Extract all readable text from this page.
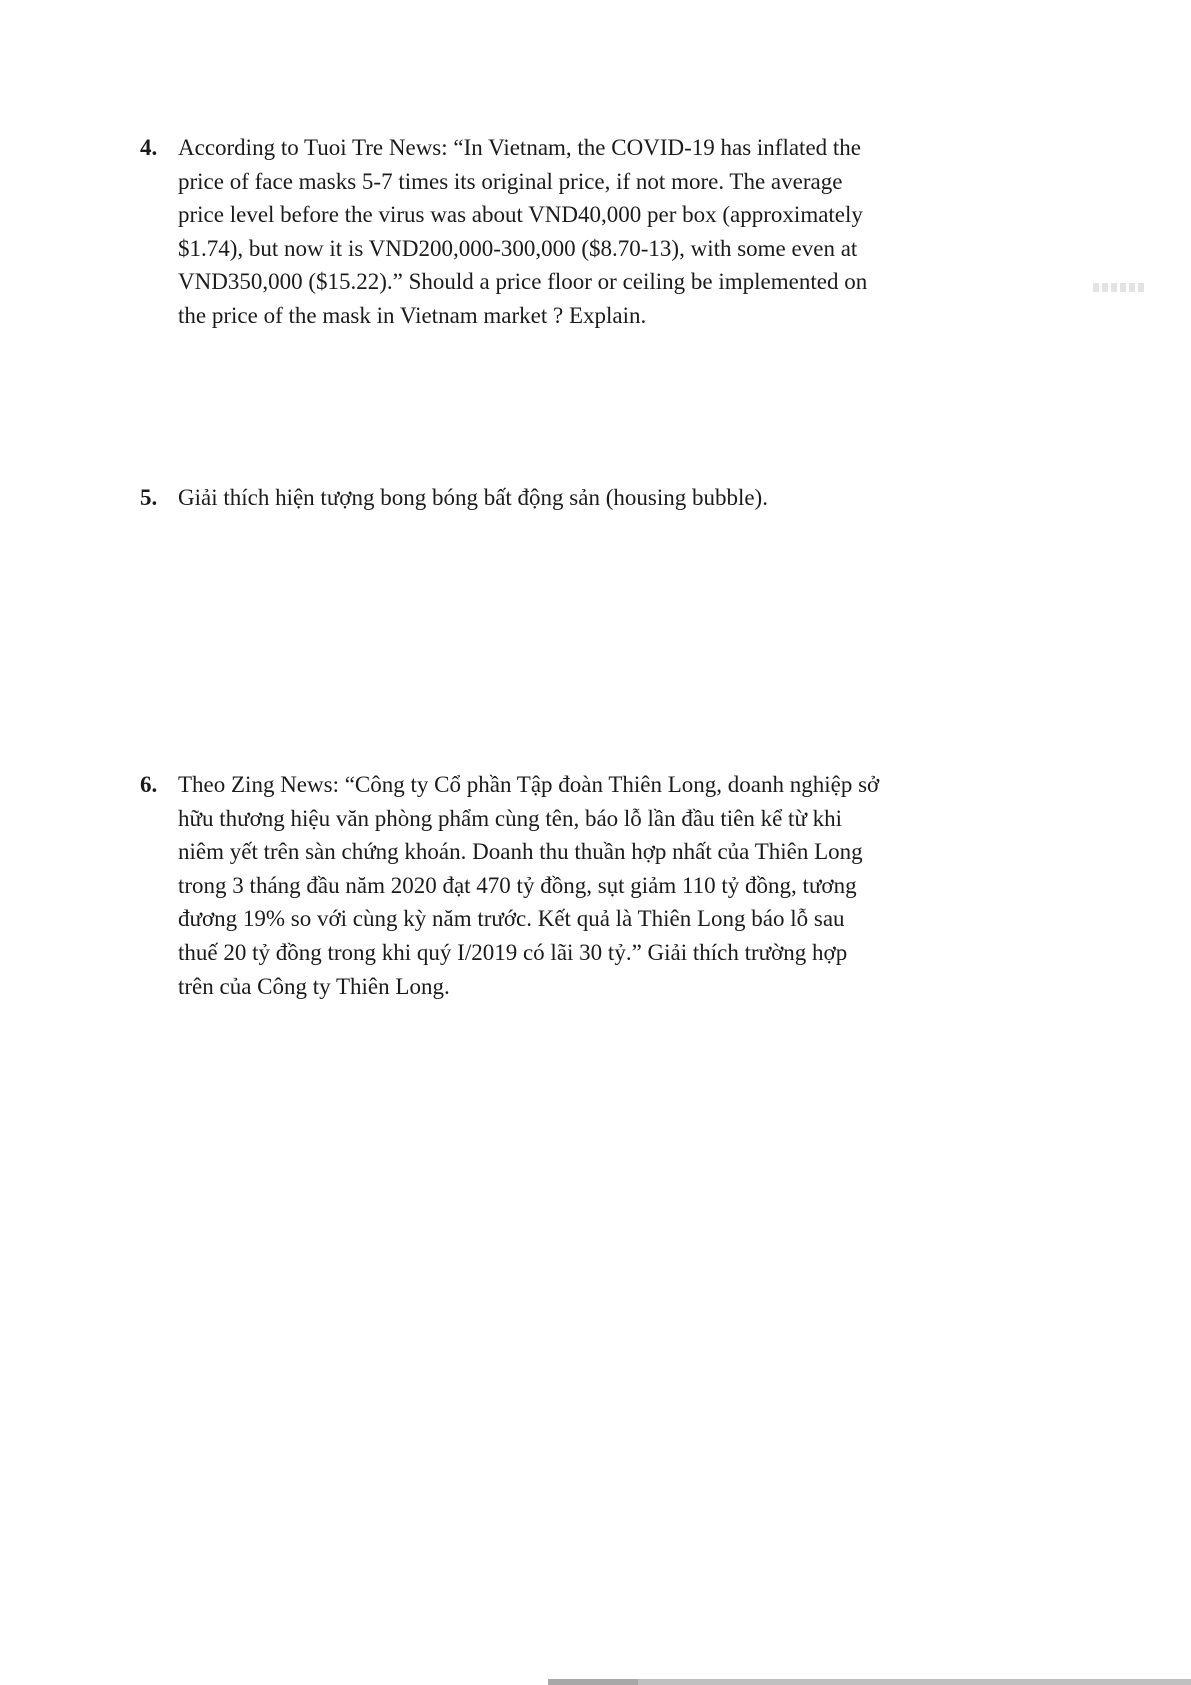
4. According to Tuoi Tre News: “In Vietnam, the COVID-19 has inflated the
price of face masks 5-7 times its original price, if not more. The average
price level before the virus was about VND40,000 per box (approximately
$1.74), but now it is VND200,000-300,000 ($8.70-13), with some even at
VND350,000 ($15.22).” Should a price floor or ceiling be implemented on
the price of the mask in Vietnam market ? Explain.
5. Giải thích hiện tượng bong bóng bất động sản (housing bubble).
6. Theo Zing News: “Công ty Cổ phần Tập đoàn Thiên Long, doanh nghiệp sở
hữu thương hiệu văn phòng phẩm cùng tên, báo lỗ lần đầu tiên kể từ khi
niêm yết trên sàn chứng khoán. Doanh thu thuần hợp nhất của Thiên Long
trong 3 tháng đầu năm 2020 đạt 470 tỷ đồng, sụt giảm 110 tỷ đồng, tương
đương 19% so với cùng kỳ năm trước. Kết quả là Thiên Long báo lỗ sau
thuế 20 tỷ đồng trong khi quý I/2019 có lãi 30 tỷ.” Giải thích trường hợp
trên của Công ty Thiên Long.
